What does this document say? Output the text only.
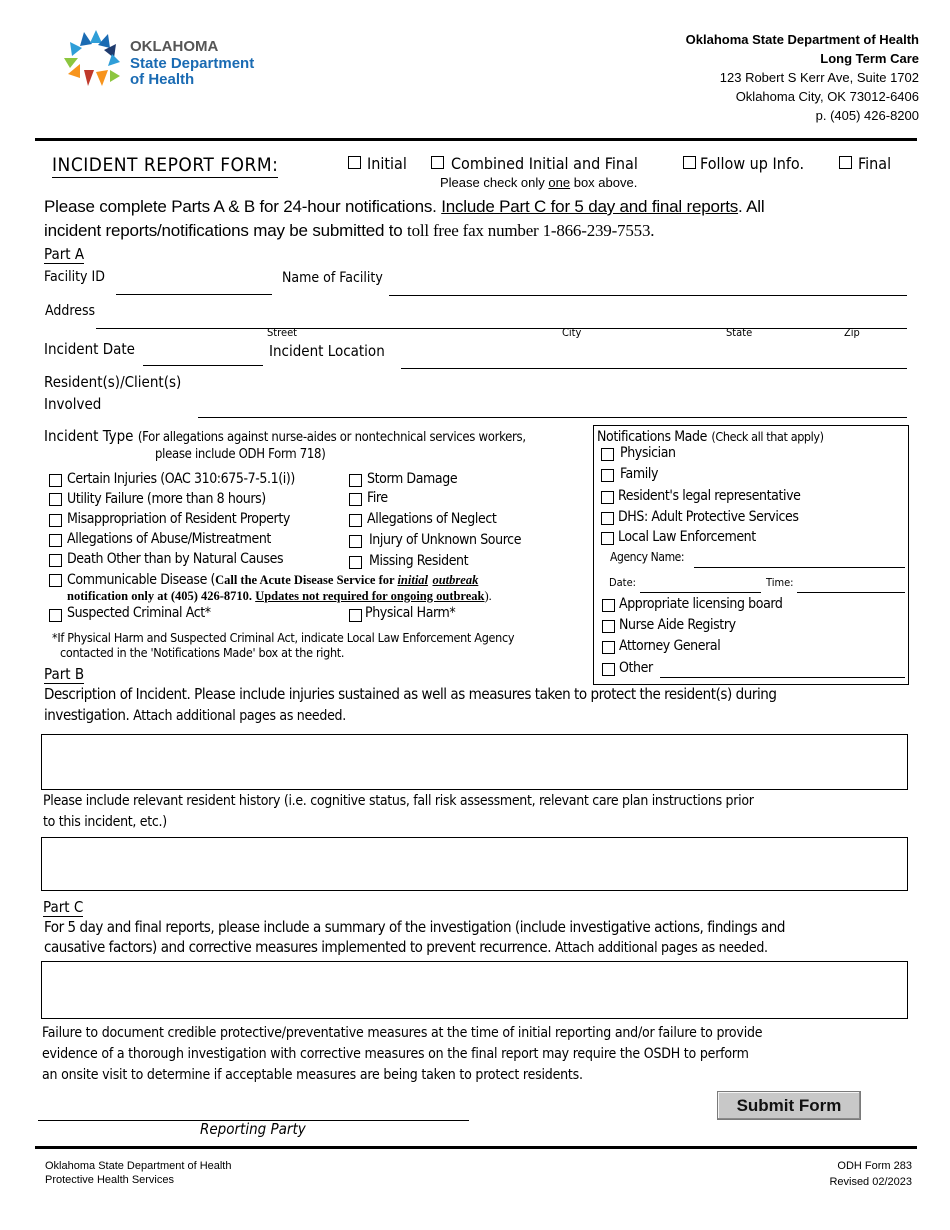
OKLAHOMA
State Department
of Health
Oklahoma State Department of Health
Long Term Care
123 Robert S Kerr Ave, Suite 1702
Oklahoma City, OK 73012-6406
p. (405) 426-8200
INCIDENT REPORT FORM:	Initial	Combined Initial and Final	Follow up Info.	Final
Please check only one box above.
Please complete Parts A & B for 24-hour notifications. Include Part C for 5 day and final reports. All
incident reports/notifications may be submitted to toll free fax number 1-866-239-7553.
Part A
Facility ID	Name of Facility
Address
Street	City	State	Zip
Incident Date	Incident Location
Resident(s)/Client(s)
Involved
Incident Type (For allegations against nurse-aides or nontechnical services workers,
please include ODH Form 718)
Certain Injuries (OAC 310:675-7-5.1(i))
Utility Failure (more than 8 hours)
Misappropriation of Resident Property
Allegations of Abuse/Mistreatment
Death Other than by Natural Causes
Communicable Disease (Call the Acute Disease Service for initial outbreak
notification only at (405) 426-8710. Updates not required for ongoing outbreak).
Suspected Criminal Act*
Storm Damage
Fire
Allegations of Neglect
Injury of Unknown Source
Missing Resident
Physical Harm*
*If Physical Harm and Suspected Criminal Act, indicate Local Law Enforcement Agency
contacted in the 'Notifications Made' box at the right.
Notifications Made (Check all that apply)
Physician
Family
Resident's legal representative
DHS: Adult Protective Services
Local Law Enforcement
Agency Name:
Date:	Time:
Appropriate licensing board
Nurse Aide Registry
Attorney General
Other
Part B
Description of Incident. Please include injuries sustained as well as measures taken to protect the resident(s) during
investigation. Attach additional pages as needed.
Please include relevant resident history (i.e. cognitive status, fall risk assessment, relevant care plan instructions prior
to this incident, etc.)
Part C
For 5 day and final reports, please include a summary of the investigation (include investigative actions, findings and
causative factors) and corrective measures implemented to prevent recurrence. Attach additional pages as needed.
Failure to document credible protective/preventative measures at the time of initial reporting and/or failure to provide
evidence of a thorough investigation with corrective measures on the final report may require the OSDH to perform
an onsite visit to determine if acceptable measures are being taken to protect residents.
Submit Form
Reporting Party
Oklahoma State Department of Health
Protective Health Services
ODH Form 283
Revised 02/2023
